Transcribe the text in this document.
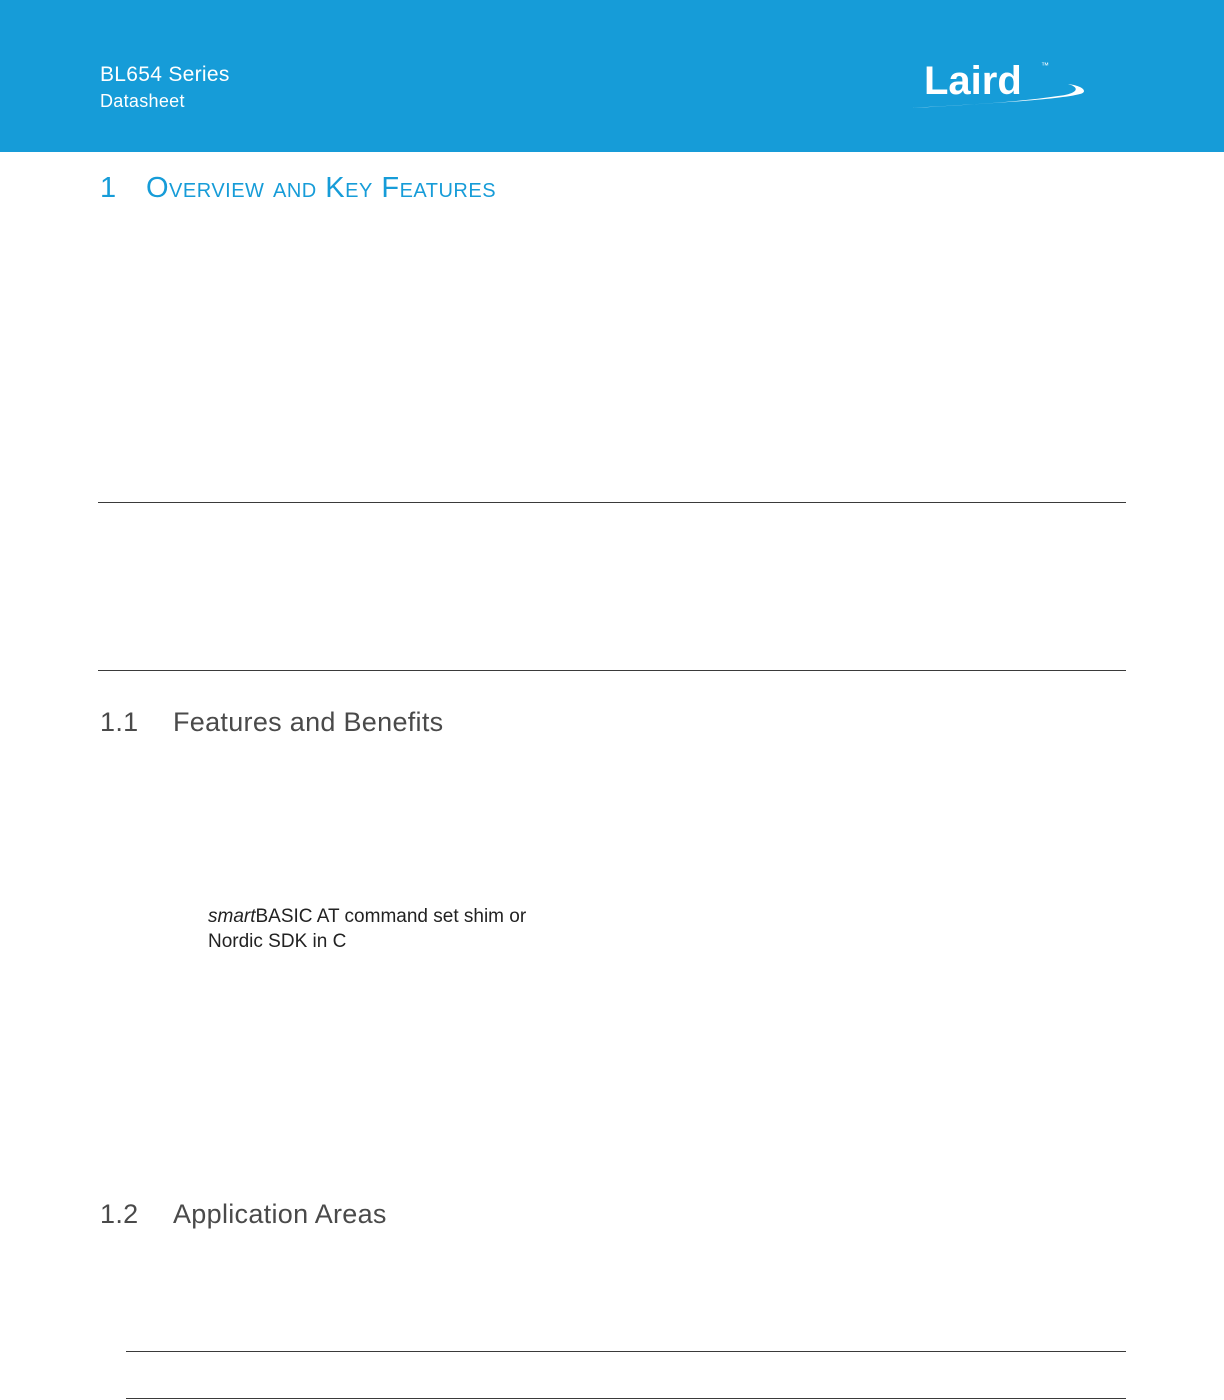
BL654 Series
Datasheet	Laird ™
1 Overview and Key Features
1.1 Features and Benefits
smartBASIC AT command set shim or
Nordic SDK in C
1.2 Application Areas
